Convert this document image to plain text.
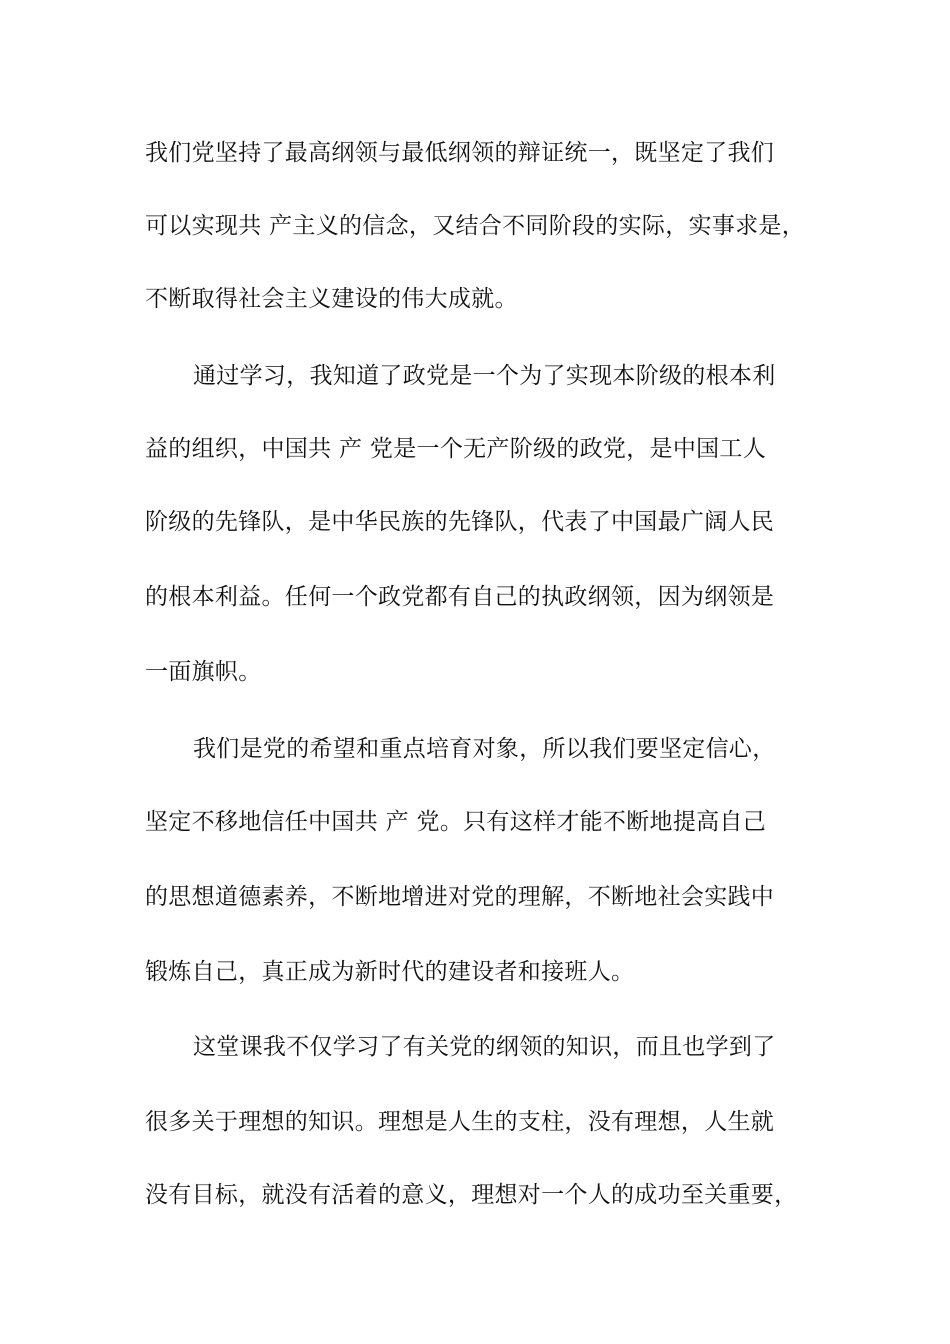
我们党坚持了最高纲领与最低纲领的辩证统一，既坚定了我们

可以实现共 产主义的信念，又结合不同阶段的实际，实事求是，

不断取得社会主义建设的伟大成就。

通过学习，我知道了政党是一个为了实现本阶级的根本利

益的组织，中国共 产 党是一个无产阶级的政党，是中国工人

阶级的先锋队，是中华民族的先锋队，代表了中国最广阔人民

的根本利益。任何一个政党都有自己的执政纲领，因为纲领是

一面旗帜。

我们是党的希望和重点培育对象，所以我们要坚定信心，

坚定不移地信任中国共 产 党。只有这样才能不断地提高自己

的思想道德素养，不断地增进对党的理解，不断地社会实践中

锻炼自己，真正成为新时代的建设者和接班人。

这堂课我不仅学习了有关党的纲领的知识，而且也学到了

很多关于理想的知识。理想是人生的支柱，没有理想，人生就

没有目标，就没有活着的意义，理想对一个人的成功至关重要，
